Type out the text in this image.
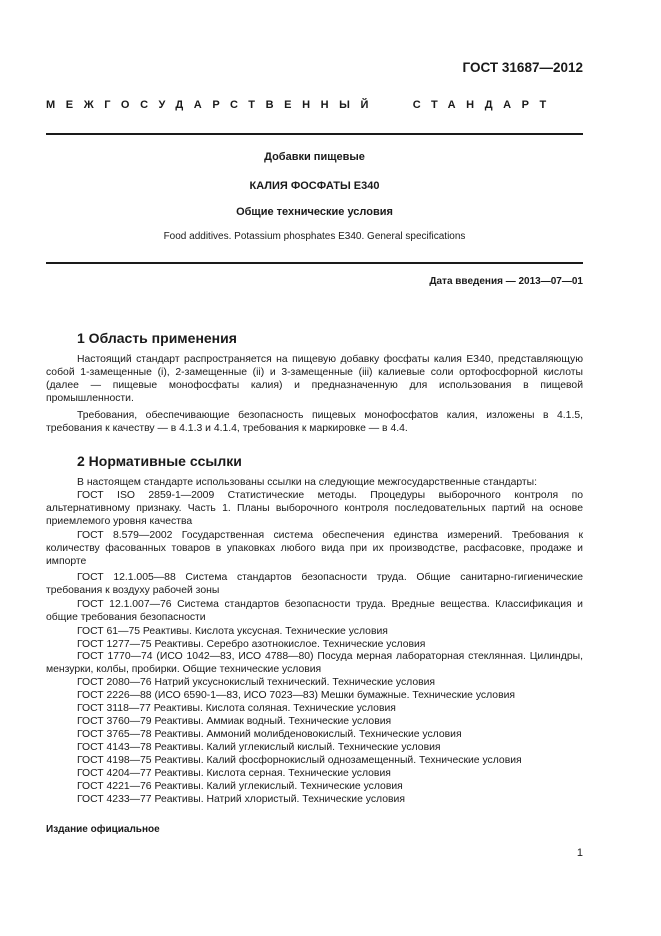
ГОСТ 31687—2012
МЕЖГОСУДАРСТВЕННЫЙ	СТАНДАРТ
Добавки пищевые
КАЛИЯ ФОСФАТЫ Е340
Общие технические условия
Food additives. Potassium phosphates E340. General specifications
Дата введения — 2013—07—01
1 Область применения
Настоящий стандарт распространяется на пищевую добавку фосфаты калия Е340, представляющую собой 1-замещенные (i), 2-замещенные (ii) и 3-замещенные (iii) калиевые соли ортофосфорной кислоты (далее — пищевые монофосфаты калия) и предназначенную для использования в пищевой промышленности.
Требования, обеспечивающие безопасность пищевых монофосфатов калия, изложены в 4.1.5, требования к качеству — в 4.1.3 и 4.1.4, требования к маркировке — в 4.4.
2 Нормативные ссылки
В настоящем стандарте использованы ссылки на следующие межгосударственные стандарты:
ГОСТ ISO 2859-1—2009 Статистические методы. Процедуры выборочного контроля по альтернативному признаку. Часть 1. Планы выборочного контроля последовательных партий на основе приемлемого уровня качества
ГОСТ 8.579—2002 Государственная система обеспечения единства измерений. Требования к количеству фасованных товаров в упаковках любого вида при их производстве, расфасовке, продаже и импорте
ГОСТ 12.1.005—88 Система стандартов безопасности труда. Общие санитарно-гигиенические требования к воздуху рабочей зоны
ГОСТ 12.1.007—76 Система стандартов безопасности труда. Вредные вещества. Классификация и общие требования безопасности
ГОСТ 61—75 Реактивы. Кислота уксусная. Технические условия
ГОСТ 1277—75 Реактивы. Серебро азотнокислое. Технические условия
ГОСТ 1770—74 (ИСО 1042—83, ИСО 4788—80) Посуда мерная лабораторная стеклянная. Цилиндры, мензурки, колбы, пробирки. Общие технические условия
ГОСТ 2080—76 Натрий уксуснокислый технический. Технические условия
ГОСТ 2226—88 (ИСО 6590-1—83, ИСО 7023—83) Мешки бумажные. Технические условия
ГОСТ 3118—77 Реактивы. Кислота соляная. Технические условия
ГОСТ 3760—79 Реактивы. Аммиак водный. Технические условия
ГОСТ 3765—78 Реактивы. Аммоний молибденовокислый. Технические условия
ГОСТ 4143—78 Реактивы. Калий углекислый кислый. Технические условия
ГОСТ 4198—75 Реактивы. Калий фосфорнокислый однозамещенный. Технические условия
ГОСТ 4204—77 Реактивы. Кислота серная. Технические условия
ГОСТ 4221—76 Реактивы. Калий углекислый. Технические условия
ГОСТ 4233—77 Реактивы. Натрий хлористый. Технические условия
Издание официальное
1
